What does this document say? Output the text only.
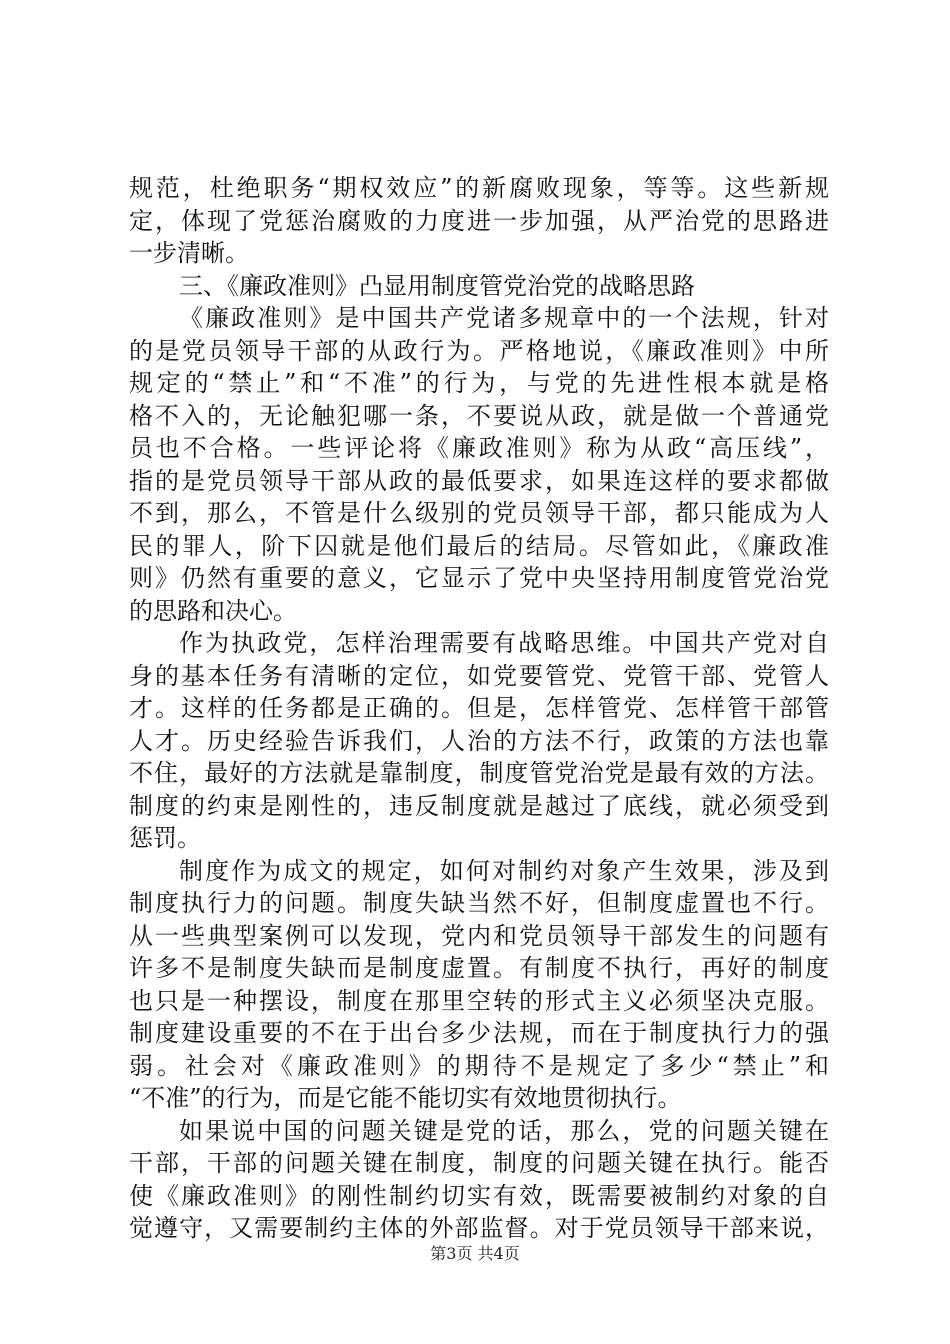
规范，杜绝职务“期权效应”的新腐败现象，等等。这些新规
定，体现了党惩治腐败的力度进一步加强，从严治党的思路进
一步清晰。
三、《廉政准则》凸显用制度管党治党的战略思路
《廉政准则》是中国共产党诸多规章中的一个法规，针对
的是党员领导干部的从政行为。严格地说，《廉政准则》中所
规定的“禁止”和“不准”的行为，与党的先进性根本就是格
格不入的，无论触犯哪一条，不要说从政，就是做一个普通党
员也不合格。一些评论将《廉政准则》称为从政“高压线”，
指的是党员领导干部从政的最低要求，如果连这样的要求都做
不到，那么，不管是什么级别的党员领导干部，都只能成为人
民的罪人，阶下囚就是他们最后的结局。尽管如此，《廉政准
则》仍然有重要的意义，它显示了党中央坚持用制度管党治党
的思路和决心。
作为执政党，怎样治理需要有战略思维。中国共产党对自
身的基本任务有清晰的定位，如党要管党、党管干部、党管人
才。这样的任务都是正确的。但是，怎样管党、怎样管干部管
人才。历史经验告诉我们，人治的方法不行，政策的方法也靠
不住，最好的方法就是靠制度，制度管党治党是最有效的方法。
制度的约束是刚性的，违反制度就是越过了底线，就必须受到
惩罚。
制度作为成文的规定，如何对制约对象产生效果，涉及到
制度执行力的问题。制度失缺当然不好，但制度虚置也不行。
从一些典型案例可以发现，党内和党员领导干部发生的问题有
许多不是制度失缺而是制度虚置。有制度不执行，再好的制度
也只是一种摆设，制度在那里空转的形式主义必须坚决克服。
制度建设重要的不在于出台多少法规，而在于制度执行力的强
弱。社会对《廉政准则》的期待不是规定了多少“禁止”和
“不准”的行为，而是它能不能切实有效地贯彻执行。
如果说中国的问题关键是党的话，那么，党的问题关键在
干部，干部的问题关键在制度，制度的问题关键在执行。能否
使《廉政准则》的刚性制约切实有效，既需要被制约对象的自
觉遵守，又需要制约主体的外部监督。对于党员领导干部来说，
第3页 共4页
